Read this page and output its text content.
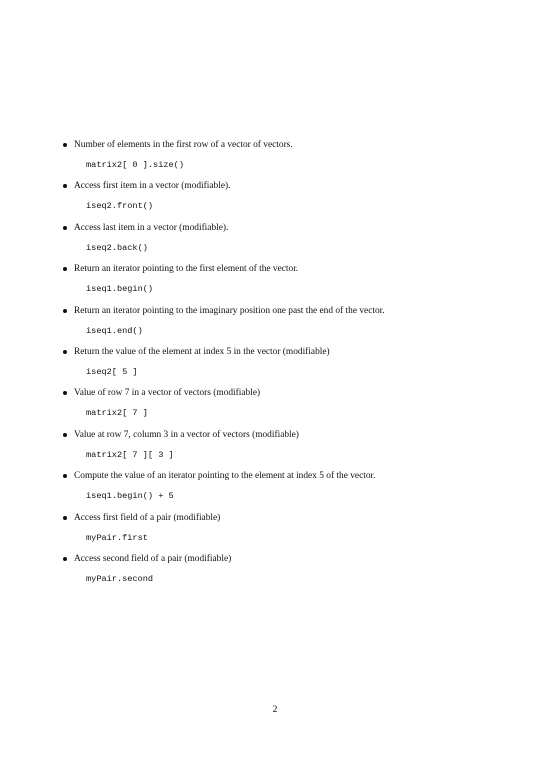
Number of elements in the first row of a vector of vectors.
matrix2[ 0 ].size()
Access first item in a vector (modifiable).
iseq2.front()
Access last item in a vector (modifiable).
iseq2.back()
Return an iterator pointing to the first element of the vector.
iseq1.begin()
Return an iterator pointing to the imaginary position one past the end of the vector.
iseq1.end()
Return the value of the element at index 5 in the vector (modifiable)
iseq2[ 5 ]
Value of row 7 in a vector of vectors (modifiable)
matrix2[ 7 ]
Value at row 7, column 3 in a vector of vectors (modifiable)
matrix2[ 7 ][ 3 ]
Compute the value of an iterator pointing to the element at index 5 of the vector.
iseq1.begin() + 5
Access first field of a pair (modifiable)
myPair.first
Access second field of a pair (modifiable)
myPair.second
2
